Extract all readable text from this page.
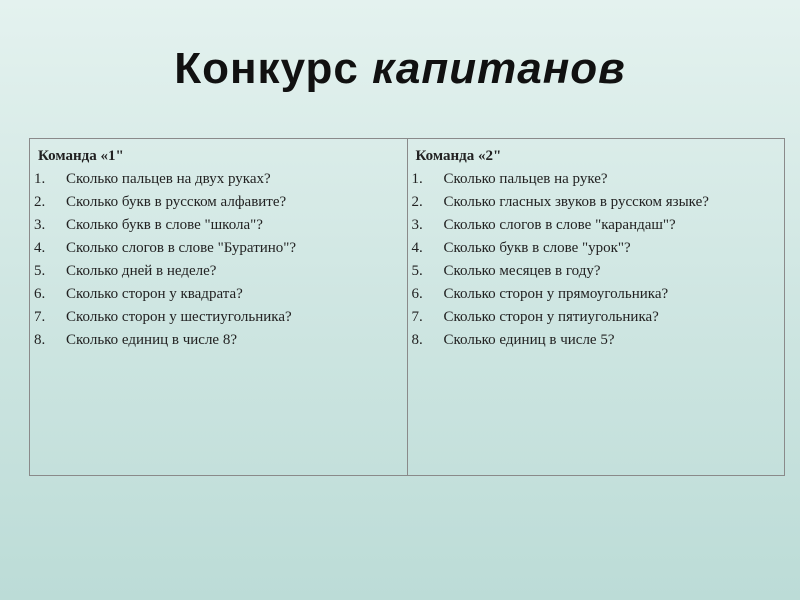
Конкурс капитанов
Команда «1"
1.	Сколько пальцев на двух руках?
2.	Сколько букв в русском алфавите?
3.	Сколько букв в слове "школа"?
4.	Сколько слогов в слове "Буратино"?
5.	Сколько дней в неделе?
6.	Сколько сторон у квадрата?
7.	Сколько сторон у шестиугольника?
8.	Сколько единиц в числе 8?
Команда «2"
1.	Сколько пальцев на руке?
2.	Сколько гласных звуков в русском языке?
3.	Сколько слогов в слове "карандаш"?
4.	Сколько букв в слове "урок"?
5.	Сколько месяцев в году?
6.	Сколько сторон у прямоугольника?
7.	Сколько сторон у пятиугольника?
8.	Сколько единиц в числе 5?
